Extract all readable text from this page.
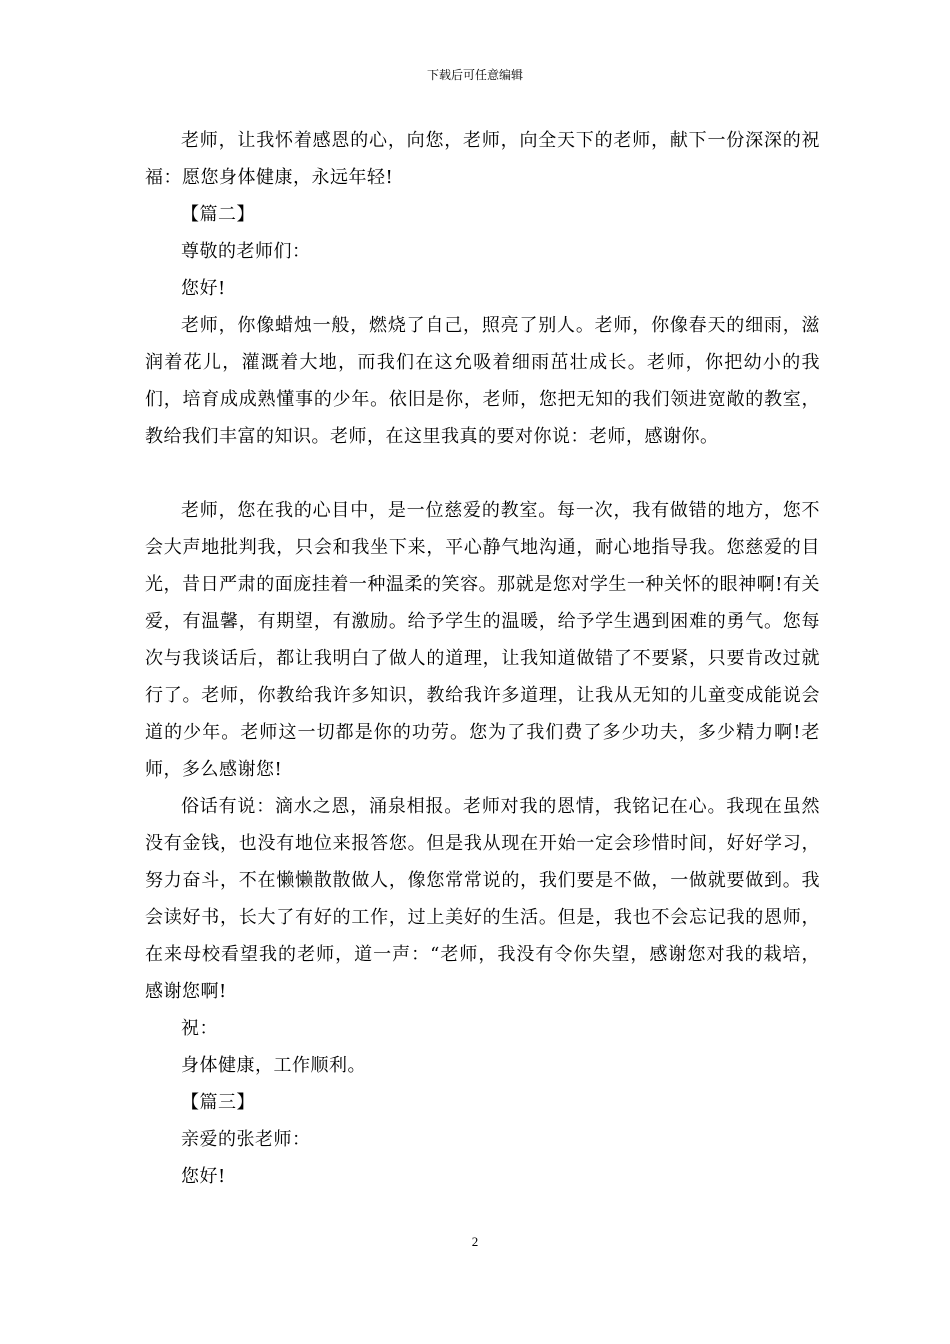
下载后可任意编辑

老师，让我怀着感恩的心，向您，老师，向全天下的老师，献下一份深深的祝福：愿您身体健康，永远年轻!

【篇二】

尊敬的老师们：

您好!

老师，你像蜡烛一般，燃烧了自己，照亮了别人。老师，你像春天的细雨，滋润着花儿，灌溉着大地，而我们在这允吸着细雨茁壮成长。老师，你把幼小的我们，培育成成熟懂事的少年。依旧是你，老师，您把无知的我们领进宽敞的教室，教给我们丰富的知识。老师，在这里我真的要对你说：老师，感谢你。

老师，您在我的心目中，是一位慈爱的教室。每一次，我有做错的地方，您不会大声地批判我，只会和我坐下来，平心静气地沟通，耐心地指导我。您慈爱的目光，昔日严肃的面庞挂着一种温柔的笑容。那就是您对学生一种关怀的眼神啊!有关爱，有温馨，有期望，有激励。给予学生的温暖，给予学生遇到困难的勇气。您每次与我谈话后，都让我明白了做人的道理，让我知道做错了不要紧，只要肯改过就行了。老师，你教给我许多知识，教给我许多道理，让我从无知的儿童变成能说会道的少年。老师这一切都是你的功劳。您为了我们费了多少功夫，多少精力啊!老师，多么感谢您!

俗话有说：滴水之恩，涌泉相报。老师对我的恩情，我铭记在心。我现在虽然没有金钱，也没有地位来报答您。但是我从现在开始一定会珍惜时间，好好学习，努力奋斗，不在懒懒散散做人，像您常常说的，我们要是不做，一做就要做到。我会读好书，长大了有好的工作，过上美好的生活。但是，我也不会忘记我的恩师，在来母校看望我的老师，道一声：“老师，我没有令你失望，感谢您对我的栽培，感谢您啊!

祝：

身体健康，工作顺利。

【篇三】

亲爱的张老师：

您好!

2
